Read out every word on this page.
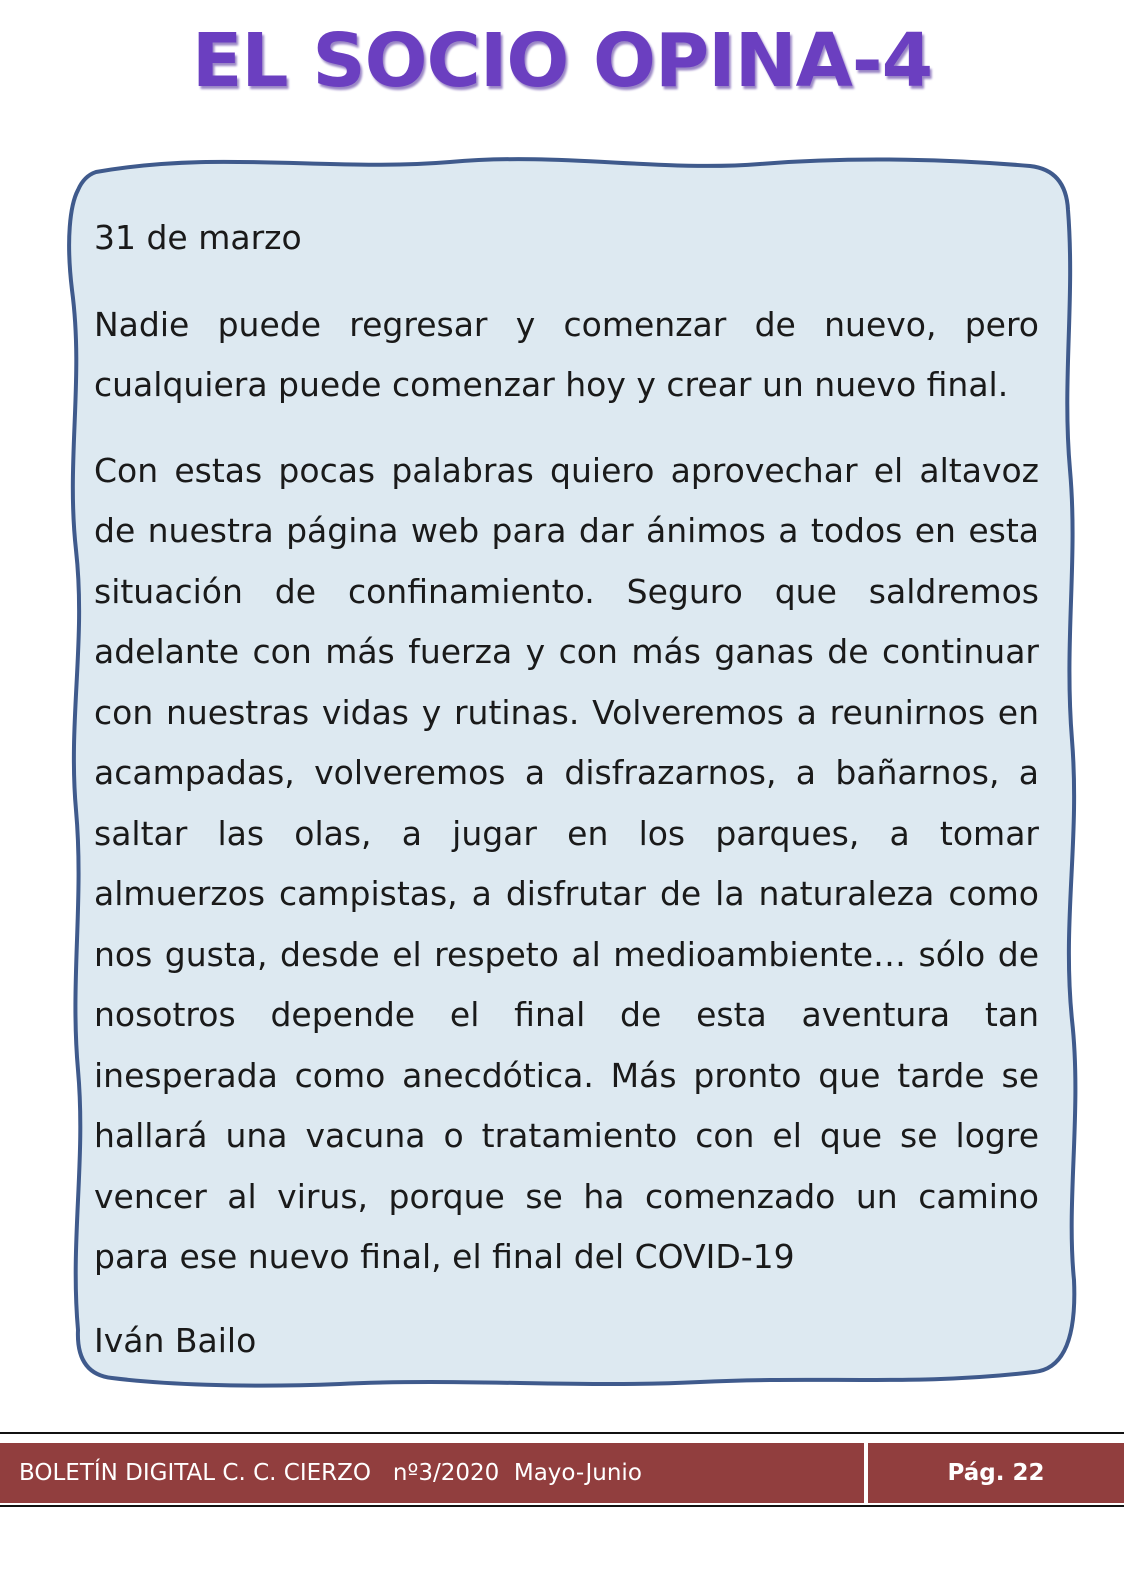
EL SOCIO OPINA-4

31 de marzo

Nadie puede regresar y comenzar de nuevo, pero cualquiera puede comenzar hoy y crear un nuevo final.

Con estas pocas palabras quiero aprovechar el altavoz de nuestra página web para dar ánimos a todos en esta situación de confinamiento. Seguro que saldremos adelante con más fuerza y con más ganas de continuar con nuestras vidas y rutinas. Volveremos a reunirnos en acampadas, volveremos a disfrazarnos, a bañarnos, a saltar las olas, a jugar en los parques, a tomar almuerzos campistas, a disfrutar de la naturaleza como nos gusta, desde el respeto al medioambiente… sólo de nosotros depende el final de esta aventura tan inesperada como anecdótica. Más pronto que tarde se hallará una vacuna o tratamiento con el que se logre vencer al virus, porque se ha comenzado un camino para ese nuevo final, el final del COVID-19

Iván Bailo

BOLETÍN DIGITAL C. C. CIERZO   nº3/2020  Mayo-Junio	Pág. 22
